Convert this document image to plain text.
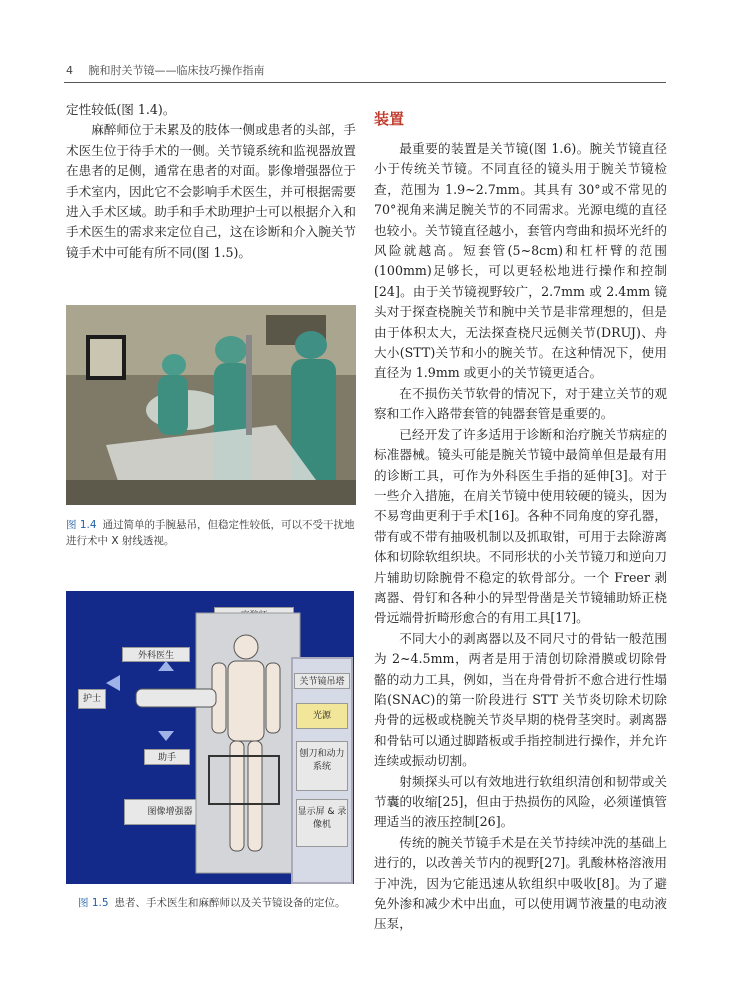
4 腕和肘关节镜——临床技巧操作指南

定性较低(图 1.4)。

麻醉师位于未累及的肢体一侧或患者的头部，手术医生位于待手术的一侧。关节镜系统和监视器放置在患者的足侧，通常在患者的对面。影像增强器位于手术室内，因此它不会影响手术医生，并可根据需要进入手术区域。助手和手术助理护士可以根据介入和手术医生的需求来定位自己，这在诊断和介入腕关节镜手术中可能有所不同(图 1.5)。

图 1.4 通过简单的手腕悬吊，但稳定性较低，可以不受干扰地进行术中 X 射线透视。
外科医生
护士
助手
图像增强器
关节镜吊塔
光源
刨刀和动力系统
显示屏 & 录像机
图 1.5 患者、手术医生和麻醉师以及关节镜设备的定位。
装置

最重要的装置是关节镜(图 1.6)。腕关节镜直径小于传统关节镜。不同直径的镜头用于腕关节镜检查，范围为 1.9~2.7mm。其具有 30°或不常见的 70°视角来满足腕关节的不同需求。光源电缆的直径也较小。关节镜直径越小，套管内弯曲和损坏光纤的风险就越高。短套管(5~8cm)和杠杆臂的范围(100mm)足够长，可以更轻松地进行操作和控制[24]。由于关节镜视野较广，2.7mm 或 2.4mm 镜头对于探查桡腕关节和腕中关节是非常理想的，但是由于体积太大，无法探查桡尺远侧关节(DRUJ)、舟大小(STT)关节和小的腕关节。在这种情况下，使用直径为 1.9mm 或更小的关节镜更适合。

在不损伤关节软骨的情况下，对于建立关节的观察和工作入路带套管的钝器套管是重要的。

已经开发了许多适用于诊断和治疗腕关节病症的标准器械。镜头可能是腕关节镜中最简单但是最有用的诊断工具，可作为外科医生手指的延伸[3]。对于一些介入措施，在肩关节镜中使用较硬的镜头，因为不易弯曲更利于手术[16]。各种不同角度的穿孔器，带有或不带有抽吸机制以及抓取钳，可用于去除游离体和切除软组织块。不同形状的小关节镜刀和逆向刀片辅助切除腕骨不稳定的软骨部分。一个 Freer 剥离器、骨钉和各种小的异型骨凿是关节镜辅助矫正桡骨远端骨折畸形愈合的有用工具[17]。

不同大小的剥离器以及不同尺寸的骨钻一般范围为 2~4.5mm，两者是用于清创切除滑膜或切除骨骼的动力工具，例如，当在舟骨骨折不愈合进行性塌陷(SNAC)的第一阶段进行 STT 关节炎切除术切除舟骨的远极或桡腕关节炎早期的桡骨茎突时。剥离器和骨钻可以通过脚踏板或手指控制进行操作，并允许连续或振动切割。

射频探头可以有效地进行软组织清创和韧带或关节囊的收缩[25]，但由于热损伤的风险，必须谨慎管理适当的液压控制[26]。

传统的腕关节镜手术是在关节持续冲洗的基础上进行的，以改善关节内的视野[27]。乳酸林格溶液用于冲洗，因为它能迅速从软组织中吸收[8]。为了避免外渗和减少术中出血，可以使用调节液量的电动液压泵，
